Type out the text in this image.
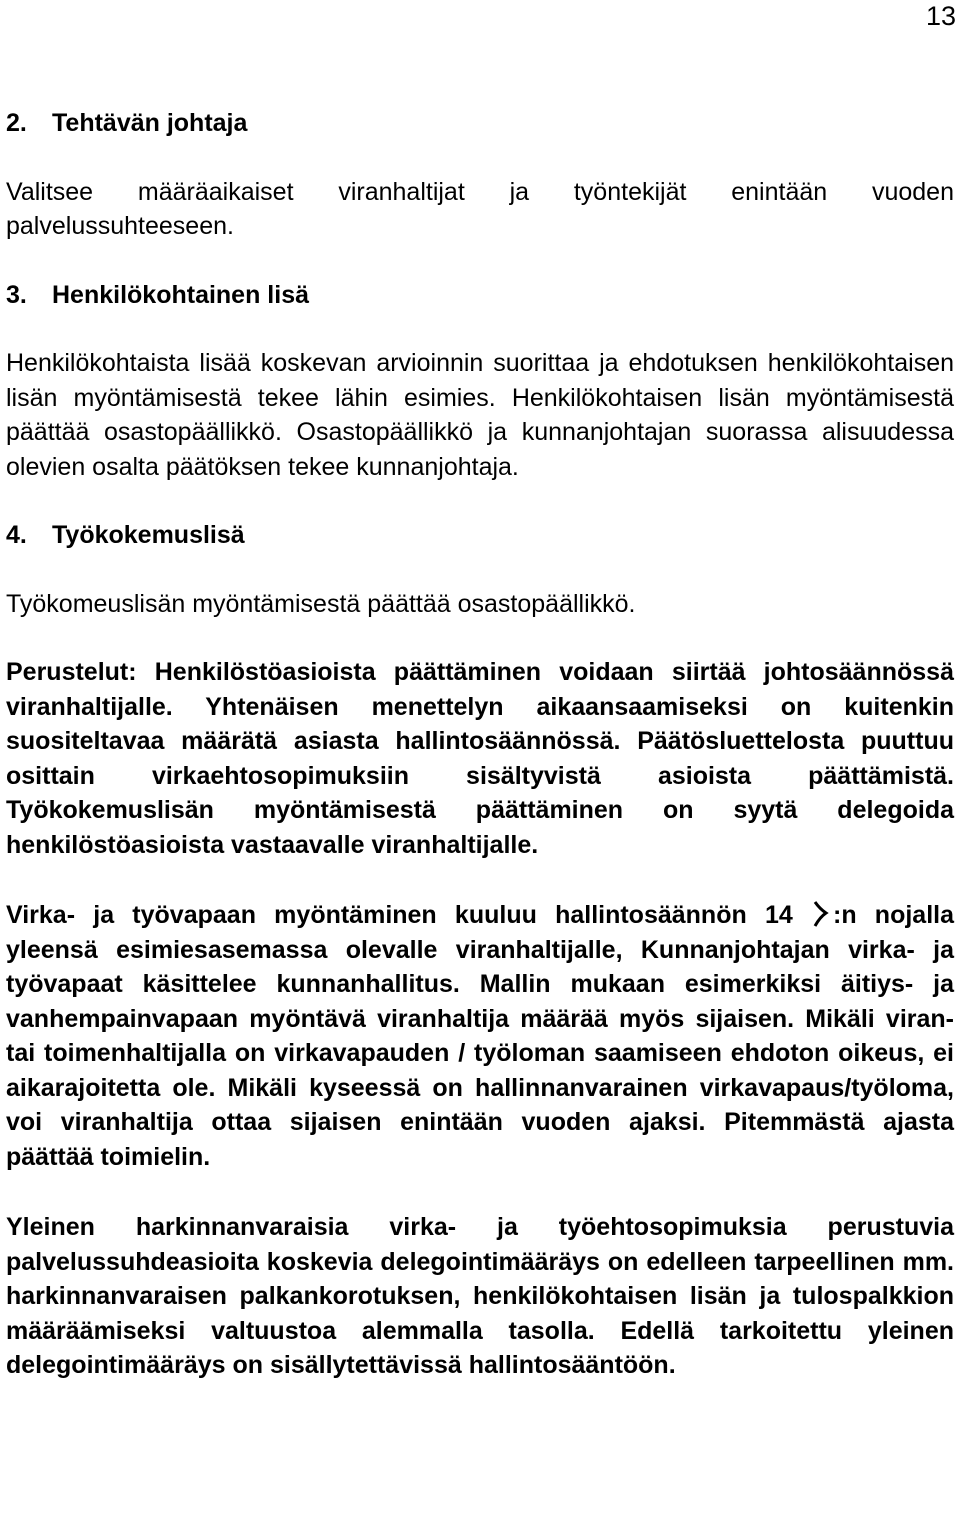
13
2. Tehtävän johtaja

Valitsee määräaikaiset viranhaltijat ja työntekijät enintään vuoden palvelussuhteeseen.

3. Henkilökohtainen lisä

Henkilökohtaista lisää koskevan arvioinnin suorittaa ja ehdotuksen henkilökohtaisen lisän myöntämisestä tekee lähin esimies. Henkilökohtaisen lisän myöntämisestä päättää osastopäällikkö. Osastopäällikkö ja kunnanjohtajan suorassa alisuudessa olevien osalta päätöksen tekee kunnanjohtaja.

4. Työkokemuslisä

Työkomeuslisän myöntämisestä päättää osastopäällikkö.

Perustelut: Henkilöstöasioista päättäminen voidaan siirtää johtosäännössä viranhaltijalle. Yhtenäisen menettelyn aikaansaamiseksi on kuitenkin suositeltavaa määrätä asiasta hallintosäännössä. Päätösluettelosta puuttuu osittain virkaehtosopimuksiin sisältyvistä asioista päättämistä. Työkokemuslisän myöntämisestä päättäminen on syytä delegoida henkilöstöasioista vastaavalle viranhaltijalle.

Virka- ja työvapaan myöntäminen kuuluu hallintosäännön 14 :n nojalla yleensä esimiesasemassa olevalle viranhaltijalle, Kunnanjohtajan virka- ja työvapaat käsittelee kunnanhallitus. Mallin mukaan esimerkiksi äitiys- ja vanhempainvapaan myöntävä viranhaltija määrää myös sijaisen. Mikäli viran- tai toimenhaltijalla on virkavapauden / työloman saamiseen ehdoton oikeus, ei aikarajoitetta ole. Mikäli kyseessä on hallinnanvarainen virkavapaus/työloma, voi viranhaltija ottaa sijaisen enintään vuoden ajaksi. Pitemmästä ajasta päättää toimielin.

Yleinen harkinnanvaraisia virka- ja työehtosopimuksia perustuvia palvelussuhdeasioita koskevia delegointimääräys on edelleen tarpeellinen mm. harkinnanvaraisen palkankorotuksen, henkilökohtaisen lisän ja tulospalkkion määräämiseksi valtuustoa alemmalla tasolla. Edellä tarkoitettu yleinen delegointimääräys on sisällytettävissä hallintosääntöön.
